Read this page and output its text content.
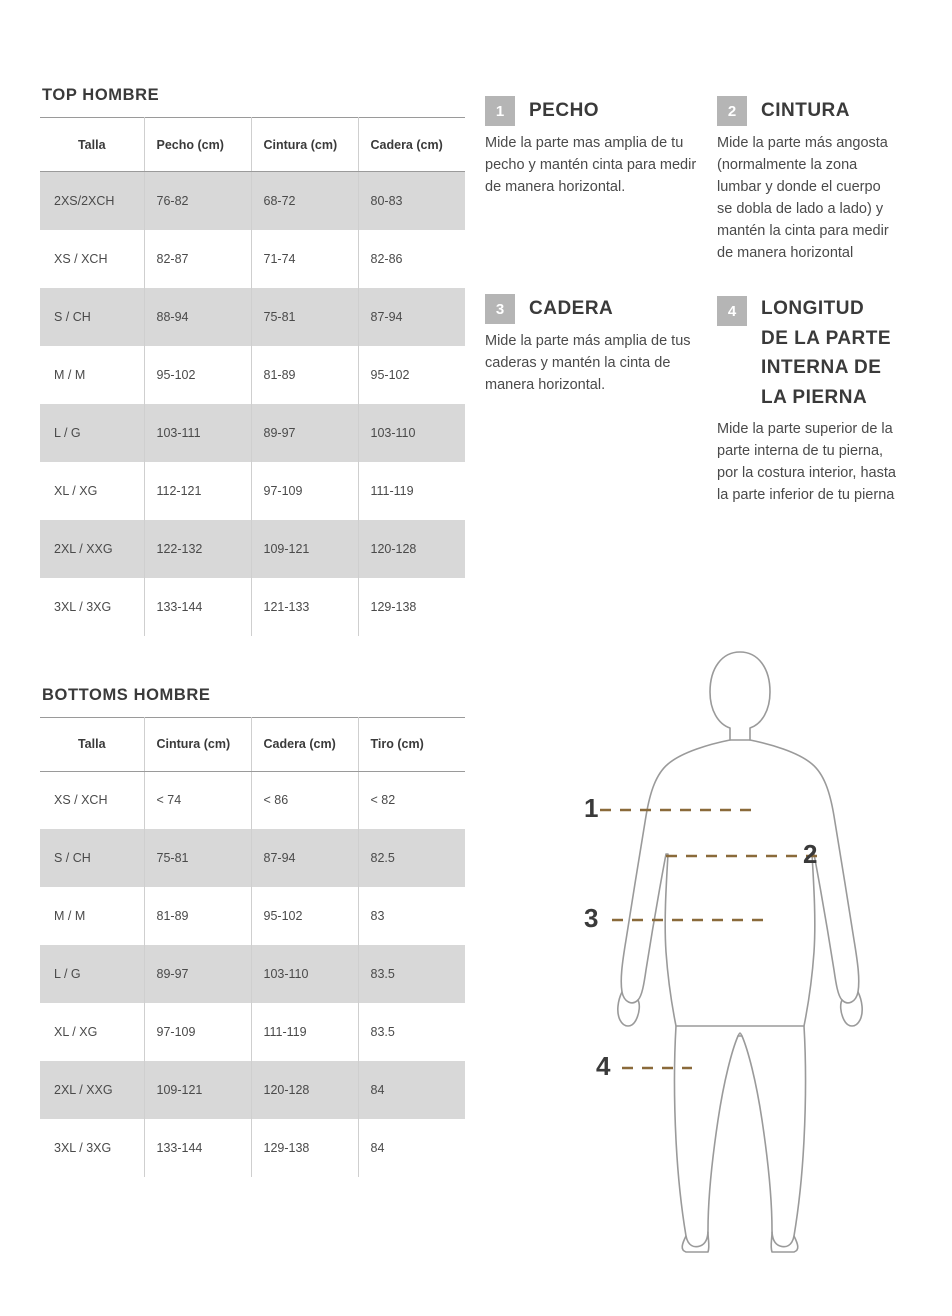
TOP HOMBRE
Talla	Pecho (cm)	Cintura (cm)	Cadera (cm)
2XS/2XCH	76-82	68-72	80-83
XS / XCH	82-87	71-74	82-86
S / CH	88-94	75-81	87-94
M / M	95-102	81-89	95-102
L / G	103-111	89-97	103-110
XL / XG	112-121	97-109	111-119
2XL / XXG	122-132	109-121	120-128
3XL / 3XG	133-144	121-133	129-138
BOTTOMS HOMBRE
Talla	Cintura (cm)	Cadera (cm)	Tiro (cm)
XS / XCH	< 74	< 86	< 82
S / CH	75-81	87-94	82.5
M / M	81-89	95-102	83
L / G	89-97	103-110	83.5
XL / XG	97-109	111-119	83.5
2XL / XXG	109-121	120-128	84
3XL / 3XG	133-144	129-138	84
1	PECHO
Mide la parte mas amplia de tu pecho y mantén cinta para medir de manera horizontal.
2	CINTURA
Mide la parte más angosta (normalmente la zona lumbar y donde el cuerpo se dobla de lado a lado) y mantén la cinta para medir de manera horizontal
3	CADERA
Mide la parte más amplia de tus caderas y mantén la cinta de manera horizontal.
4	LONGITUD DE LA PARTE INTERNA DE LA PIERNA
Mide la parte superior de la parte interna de tu pierna, por la costura interior, hasta la parte inferior de tu pierna
1
2
3
4
